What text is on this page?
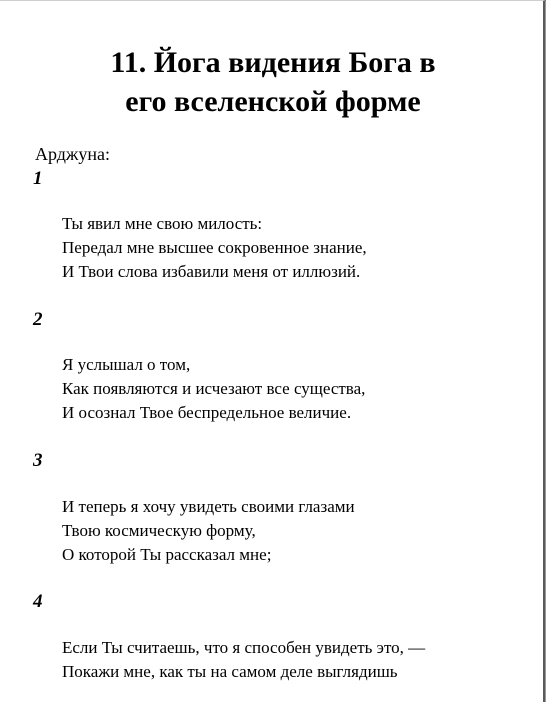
11. Йога видения Бога в
его вселенской форме
Арджуна:
1
Ты явил мне свою милость:
Передал мне высшее сокровенное знание,
И Твои слова избавили меня от иллюзий.
2
Я услышал о том,
Как появляются и исчезают все существа,
И осознал Твое беспредельное величие.
3
И теперь я хочу увидеть своими глазами
Твою космическую форму,
О которой Ты рассказал мне;
4
Если Ты считаешь, что я способен увидеть это, —
Покажи мне, как ты на самом деле выглядишь
